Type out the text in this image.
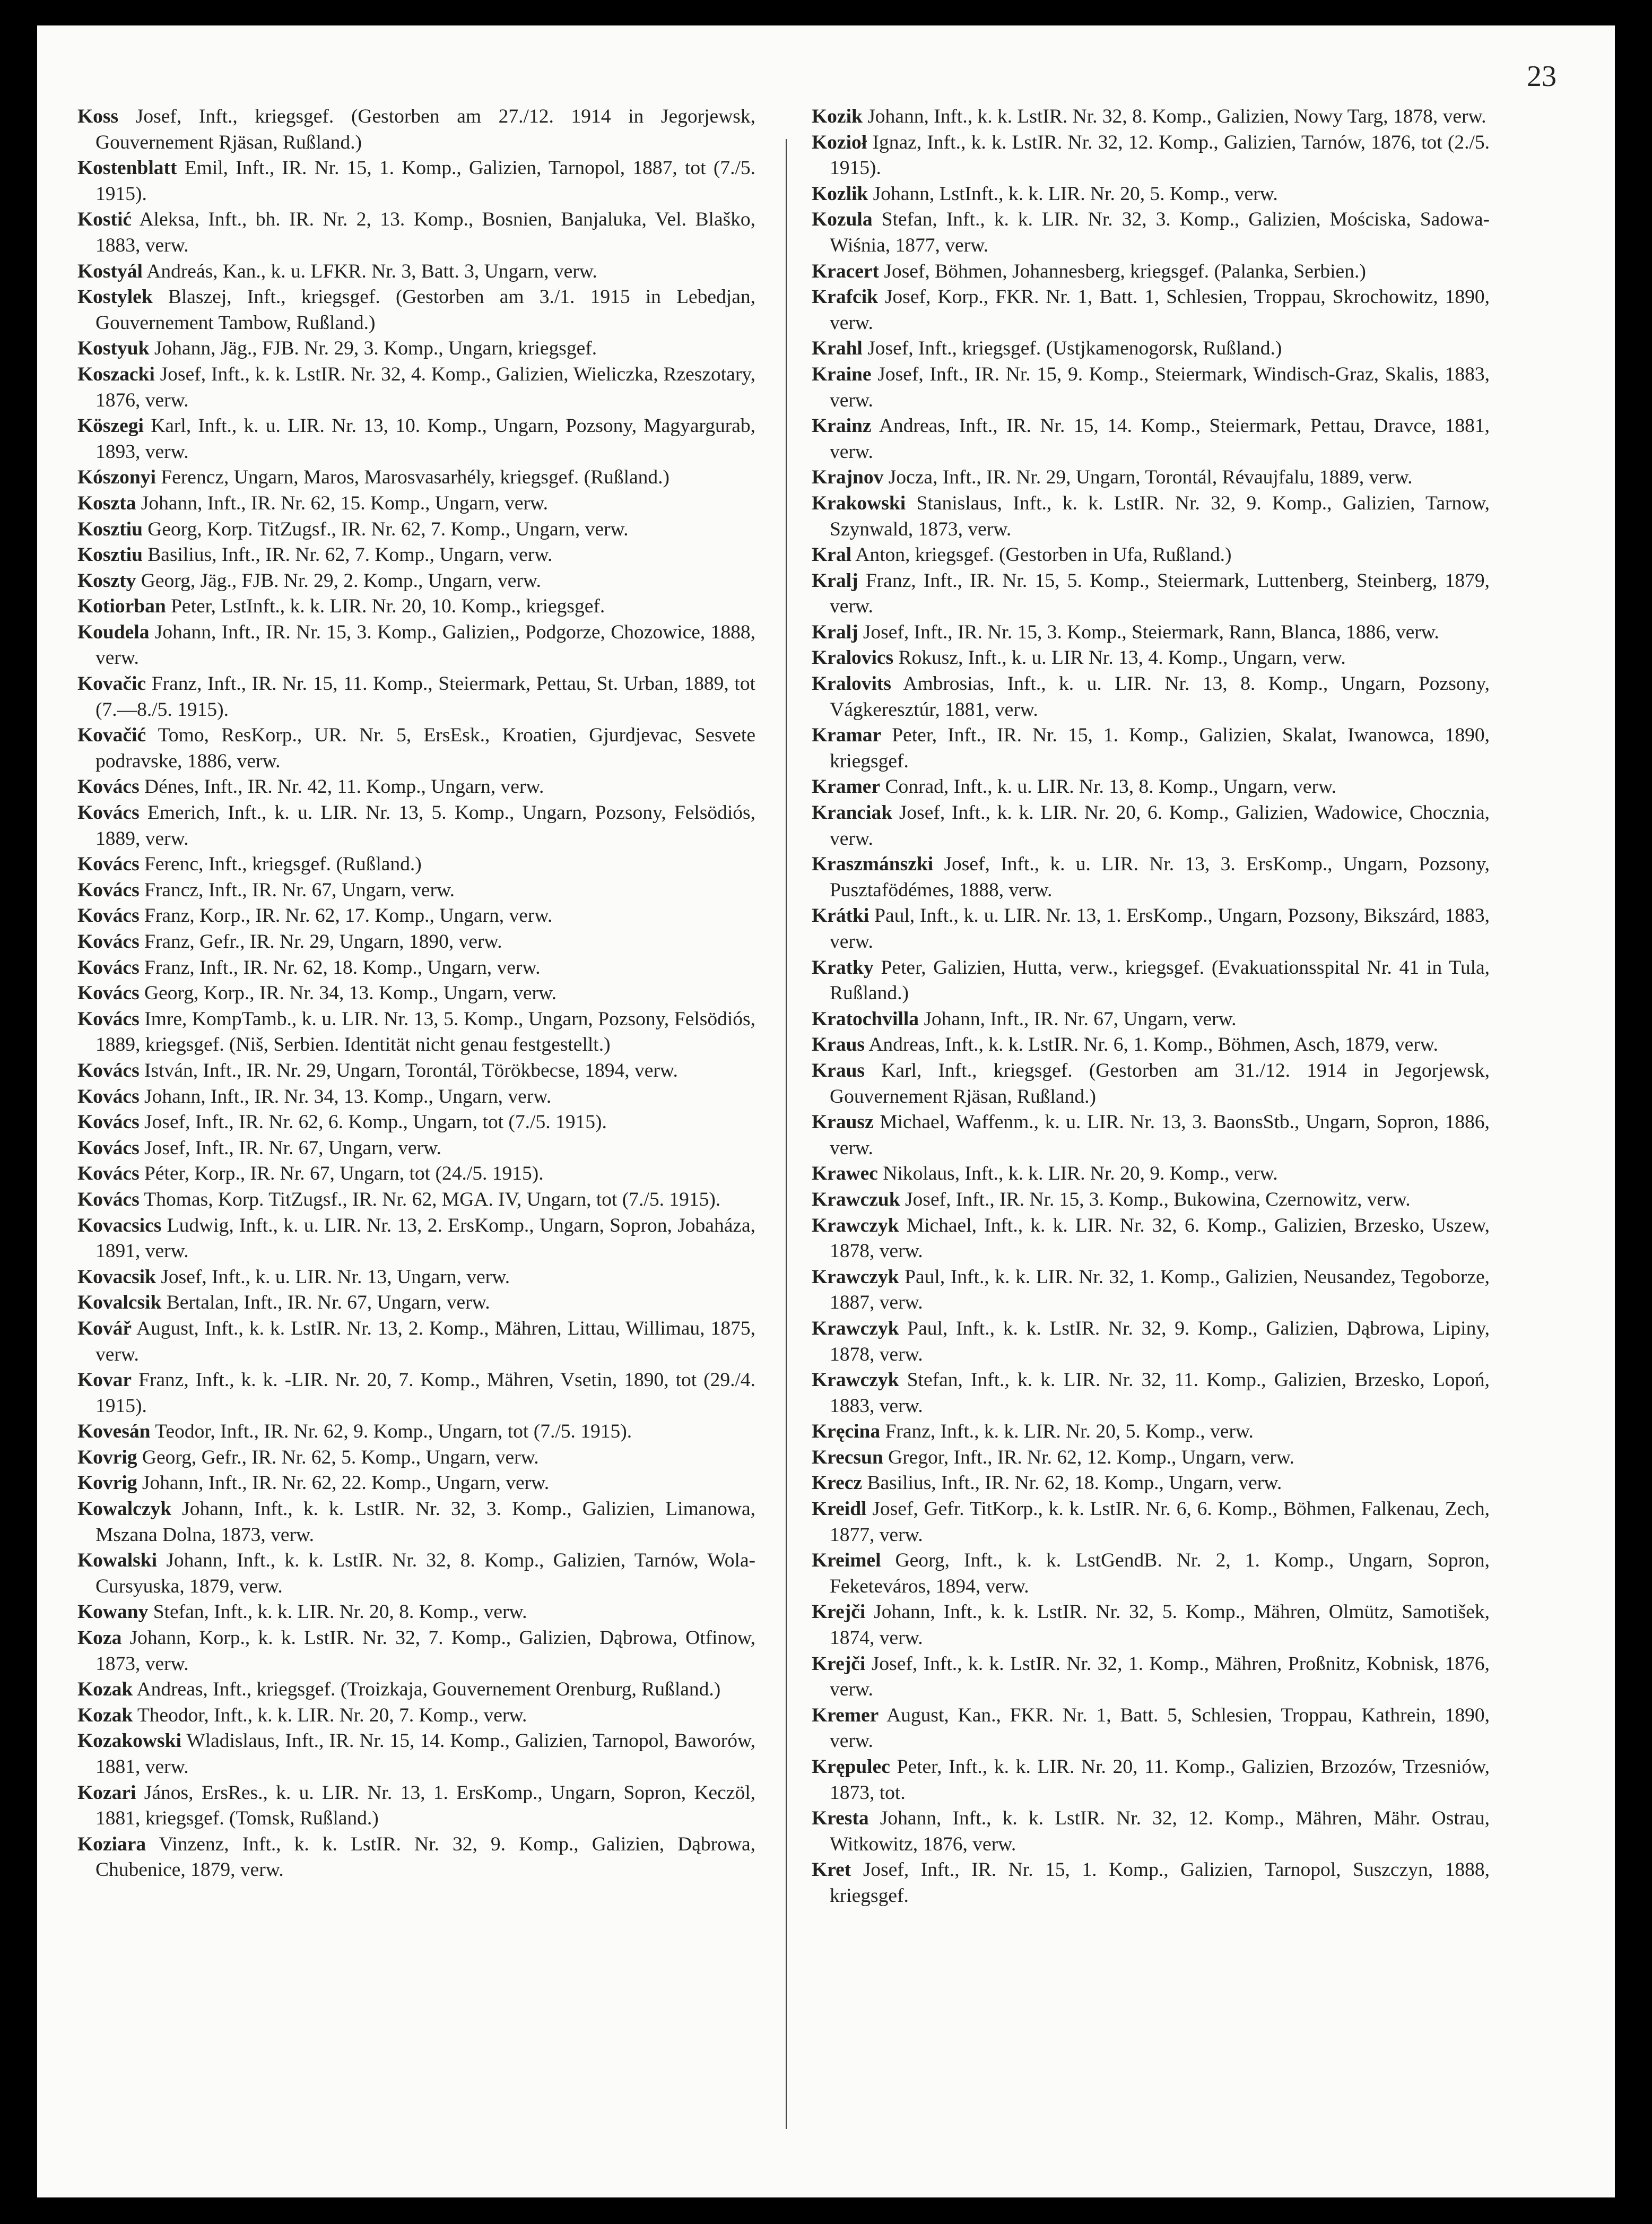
23

Koss Josef, Inft., kriegsgef. (Gestorben am 27./12. 1914 in Jegorjewsk, Gouvernement Rjäsan, Rußland.)

Kostenblatt Emil, Inft., IR. Nr. 15, 1. Komp., Galizien, Tarnopol, 1887, tot (7./5. 1915).

Kostić Aleksa, Inft., bh. IR. Nr. 2, 13. Komp., Bosnien, Banjaluka, Vel. Blaško, 1883, verw.

Kostyál Andreás, Kan., k. u. LFKR. Nr. 3, Batt. 3, Ungarn, verw.

Kostylek Blaszej, Inft., kriegsgef. (Gestorben am 3./1. 1915 in Lebedjan, Gouvernement Tambow, Rußland.)

Kostyuk Johann, Jäg., FJB. Nr. 29, 3. Komp., Ungarn, kriegsgef.

Koszacki Josef, Inft., k. k. LstIR. Nr. 32, 4. Komp., Galizien, Wieliczka, Rzeszotary, 1876, verw.

Köszegi Karl, Inft., k. u. LIR. Nr. 13, 10. Komp., Ungarn, Pozsony, Magyargurab, 1893, verw.

Kószonyi Ferencz, Ungarn, Maros, Marosvasarhély, kriegsgef. (Rußland.)

Koszta Johann, Inft., IR. Nr. 62, 15. Komp., Ungarn, verw.

Kosztiu Georg, Korp. TitZugsf., IR. Nr. 62, 7. Komp., Ungarn, verw.

Kosztiu Basilius, Inft., IR. Nr. 62, 7. Komp., Ungarn, verw.

Koszty Georg, Jäg., FJB. Nr. 29, 2. Komp., Ungarn, verw.

Kotiorban Peter, LstInft., k. k. LIR. Nr. 20, 10. Komp., kriegsgef.

Koudela Johann, Inft., IR. Nr. 15, 3. Komp., Galizien,, Podgorze, Chozowice, 1888, verw.

Kovačic Franz, Inft., IR. Nr. 15, 11. Komp., Steiermark, Pettau, St. Urban, 1889, tot (7.—8./5. 1915).

Kovačić Tomo, ResKorp., UR. Nr. 5, ErsEsk., Kroatien, Gjurdjevac, Sesvete podravske, 1886, verw.

Kovács Dénes, Inft., IR. Nr. 42, 11. Komp., Ungarn, verw.

Kovács Emerich, Inft., k. u. LIR. Nr. 13, 5. Komp., Ungarn, Pozsony, Felsödiós, 1889, verw.

Kovács Ferenc, Inft., kriegsgef. (Rußland.)

Kovács Francz, Inft., IR. Nr. 67, Ungarn, verw.

Kovács Franz, Korp., IR. Nr. 62, 17. Komp., Ungarn, verw.

Kovács Franz, Gefr., IR. Nr. 29, Ungarn, 1890, verw.

Kovács Franz, Inft., IR. Nr. 62, 18. Komp., Ungarn, verw.

Kovács Georg, Korp., IR. Nr. 34, 13. Komp., Ungarn, verw.

Kovács Imre, KompTamb., k. u. LIR. Nr. 13, 5. Komp., Ungarn, Pozsony, Felsödiós, 1889, kriegsgef. (Niš, Serbien. Identität nicht genau festgestellt.)

Kovács István, Inft., IR. Nr. 29, Ungarn, Torontál, Törökbecse, 1894, verw.

Kovács Johann, Inft., IR. Nr. 34, 13. Komp., Ungarn, verw.

Kovács Josef, Inft., IR. Nr. 62, 6. Komp., Ungarn, tot (7./5. 1915).

Kovács Josef, Inft., IR. Nr. 67, Ungarn, verw.

Kovács Péter, Korp., IR. Nr. 67, Ungarn, tot (24./5. 1915).

Kovács Thomas, Korp. TitZugsf., IR. Nr. 62, MGA. IV, Ungarn, tot (7./5. 1915).

Kovacsics Ludwig, Inft., k. u. LIR. Nr. 13, 2. ErsKomp., Ungarn, Sopron, Jobaháza, 1891, verw.

Kovacsik Josef, Inft., k. u. LIR. Nr. 13, Ungarn, verw.

Kovalcsik Bertalan, Inft., IR. Nr. 67, Ungarn, verw.

Kovář August, Inft., k. k. LstIR. Nr. 13, 2. Komp., Mähren, Littau, Willimau, 1875, verw.

Kovar Franz, Inft., k. k. -LIR. Nr. 20, 7. Komp., Mähren, Vsetin, 1890, tot (29./4. 1915).

Kovesán Teodor, Inft., IR. Nr. 62, 9. Komp., Ungarn, tot (7./5. 1915).

Kovrig Georg, Gefr., IR. Nr. 62, 5. Komp., Ungarn, verw.

Kovrig Johann, Inft., IR. Nr. 62, 22. Komp., Ungarn, verw.

Kowalczyk Johann, Inft., k. k. LstIR. Nr. 32, 3. Komp., Galizien, Limanowa, Mszana Dolna, 1873, verw.

Kowalski Johann, Inft., k. k. LstIR. Nr. 32, 8. Komp., Galizien, Tarnów, Wola-Cursyuska, 1879, verw.

Kowany Stefan, Inft., k. k. LIR. Nr. 20, 8. Komp., verw.

Koza Johann, Korp., k. k. LstIR. Nr. 32, 7. Komp., Galizien, Dąbrowa, Otfinow, 1873, verw.

Kozak Andreas, Inft., kriegsgef. (Troizkaja, Gouvernement Orenburg, Rußland.)

Kozak Theodor, Inft., k. k. LIR. Nr. 20, 7. Komp., verw.

Kozakowski Wladislaus, Inft., IR. Nr. 15, 14. Komp., Galizien, Tarnopol, Baworów, 1881, verw.

Kozari János, ErsRes., k. u. LIR. Nr. 13, 1. ErsKomp., Ungarn, Sopron, Keczöl, 1881, kriegsgef. (Tomsk, Rußland.)

Koziara Vinzenz, Inft., k. k. LstIR. Nr. 32, 9. Komp., Galizien, Dąbrowa, Chubenice, 1879, verw.

Kozik Johann, Inft., k. k. LstIR. Nr. 32, 8. Komp., Galizien, Nowy Targ, 1878, verw.

Kozioł Ignaz, Inft., k. k. LstIR. Nr. 32, 12. Komp., Galizien, Tarnów, 1876, tot (2./5. 1915).

Kozlik Johann, LstInft., k. k. LIR. Nr. 20, 5. Komp., verw.

Kozula Stefan, Inft., k. k. LIR. Nr. 32, 3. Komp., Galizien, Mościska, Sadowa-Wiśnia, 1877, verw.

Kracert Josef, Böhmen, Johannesberg, kriegsgef. (Palanka, Serbien.)

Krafcik Josef, Korp., FKR. Nr. 1, Batt. 1, Schlesien, Troppau, Skrochowitz, 1890, verw.

Krahl Josef, Inft., kriegsgef. (Ustjkamenogorsk, Rußland.)

Kraine Josef, Inft., IR. Nr. 15, 9. Komp., Steiermark, Windisch-Graz, Skalis, 1883, verw.

Krainz Andreas, Inft., IR. Nr. 15, 14. Komp., Steiermark, Pettau, Dravce, 1881, verw.

Krajnov Jocza, Inft., IR. Nr. 29, Ungarn, Torontál, Révaujfalu, 1889, verw.

Krakowski Stanislaus, Inft., k. k. LstIR. Nr. 32, 9. Komp., Galizien, Tarnow, Szynwald, 1873, verw.

Kral Anton, kriegsgef. (Gestorben in Ufa, Rußland.)

Kralj Franz, Inft., IR. Nr. 15, 5. Komp., Steiermark, Luttenberg, Steinberg, 1879, verw.

Kralj Josef, Inft., IR. Nr. 15, 3. Komp., Steiermark, Rann, Blanca, 1886, verw.

Kralovics Rokusz, Inft., k. u. LIR Nr. 13, 4. Komp., Ungarn, verw.

Kralovits Ambrosias, Inft., k. u. LIR. Nr. 13, 8. Komp., Ungarn, Pozsony, Vágkeresztúr, 1881, verw.

Kramar Peter, Inft., IR. Nr. 15, 1. Komp., Galizien, Skalat, Iwanowca, 1890, kriegsgef.

Kramer Conrad, Inft., k. u. LIR. Nr. 13, 8. Komp., Ungarn, verw.

Kranciak Josef, Inft., k. k. LIR. Nr. 20, 6. Komp., Galizien, Wadowice, Chocznia, verw.

Kraszmánszki Josef, Inft., k. u. LIR. Nr. 13, 3. ErsKomp., Ungarn, Pozsony, Pusztafödémes, 1888, verw.

Krátki Paul, Inft., k. u. LIR. Nr. 13, 1. ErsKomp., Ungarn, Pozsony, Bikszárd, 1883, verw.

Kratky Peter, Galizien, Hutta, verw., kriegsgef. (Evakuationsspital Nr. 41 in Tula, Rußland.)

Kratochvilla Johann, Inft., IR. Nr. 67, Ungarn, verw.

Kraus Andreas, Inft., k. k. LstIR. Nr. 6, 1. Komp., Böhmen, Asch, 1879, verw.

Kraus Karl, Inft., kriegsgef. (Gestorben am 31./12. 1914 in Jegorjewsk, Gouvernement Rjäsan, Rußland.)

Krausz Michael, Waffenm., k. u. LIR. Nr. 13, 3. BaonsStb., Ungarn, Sopron, 1886, verw.

Krawec Nikolaus, Inft., k. k. LIR. Nr. 20, 9. Komp., verw.

Krawczuk Josef, Inft., IR. Nr. 15, 3. Komp., Bukowina, Czernowitz, verw.

Krawczyk Michael, Inft., k. k. LIR. Nr. 32, 6. Komp., Galizien, Brzesko, Uszew, 1878, verw.

Krawczyk Paul, Inft., k. k. LIR. Nr. 32, 1. Komp., Galizien, Neusandez, Tegoborze, 1887, verw.

Krawczyk Paul, Inft., k. k. LstIR. Nr. 32, 9. Komp., Galizien, Dąbrowa, Lipiny, 1878, verw.

Krawczyk Stefan, Inft., k. k. LIR. Nr. 32, 11. Komp., Galizien, Brzesko, Lopoń, 1883, verw.

Kręcina Franz, Inft., k. k. LIR. Nr. 20, 5. Komp., verw.

Krecsun Gregor, Inft., IR. Nr. 62, 12. Komp., Ungarn, verw.

Krecz Basilius, Inft., IR. Nr. 62, 18. Komp., Ungarn, verw.

Kreidl Josef, Gefr. TitKorp., k. k. LstIR. Nr. 6, 6. Komp., Böhmen, Falkenau, Zech, 1877, verw.

Kreimel Georg, Inft., k. k. LstGendB. Nr. 2, 1. Komp., Ungarn, Sopron, Feketeváros, 1894, verw.

Krejči Johann, Inft., k. k. LstIR. Nr. 32, 5. Komp., Mähren, Olmütz, Samotišek, 1874, verw.

Krejči Josef, Inft., k. k. LstIR. Nr. 32, 1. Komp., Mähren, Proßnitz, Kobnisk, 1876, verw.

Kremer August, Kan., FKR. Nr. 1, Batt. 5, Schlesien, Troppau, Kathrein, 1890, verw.

Krępulec Peter, Inft., k. k. LIR. Nr. 20, 11. Komp., Galizien, Brzozów, Trzesniów, 1873, tot.

Kresta Johann, Inft., k. k. LstIR. Nr. 32, 12. Komp., Mähren, Mähr. Ostrau, Witkowitz, 1876, verw.

Kret Josef, Inft., IR. Nr. 15, 1. Komp., Galizien, Tarnopol, Suszczyn, 1888, kriegsgef.
